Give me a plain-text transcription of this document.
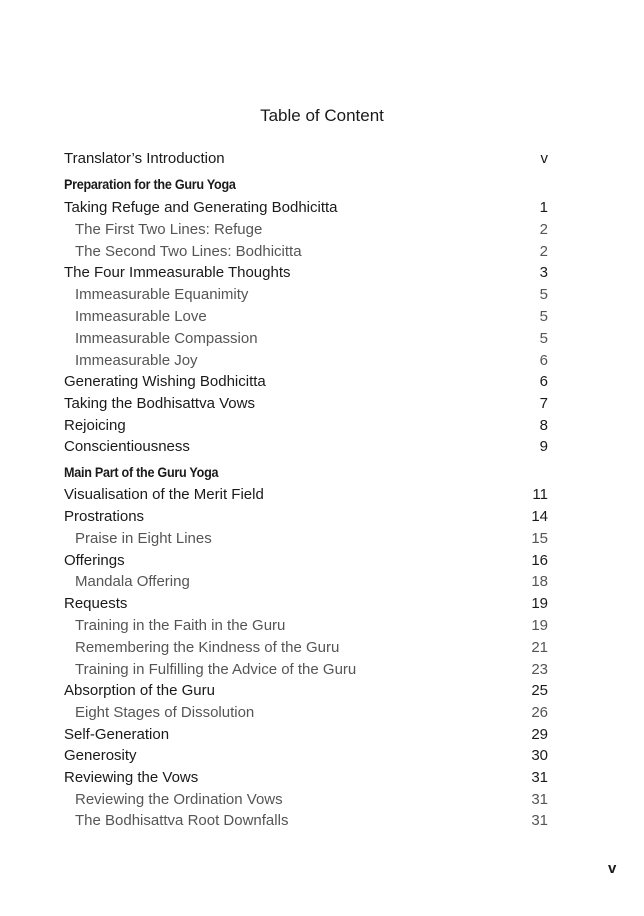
Table of Content
Translator’s Introduction	v
Preparation for the Guru Yoga
Taking Refuge and Generating Bodhicitta	1
The First Two Lines: Refuge	2
The Second Two Lines: Bodhicitta	2
The Four Immeasurable Thoughts	3
Immeasurable Equanimity	5
Immeasurable Love	5
Immeasurable Compassion	5
Immeasurable Joy	6
Generating Wishing Bodhicitta	6
Taking the Bodhisattva Vows	7
Rejoicing	8
Conscientiousness	9
Main Part of the Guru Yoga
Visualisation of the Merit Field	11
Prostrations	14
Praise in Eight Lines	15
Offerings	16
Mandala Offering	18
Requests	19
Training in the Faith in the Guru	19
Remembering the Kindness of the Guru	21
Training in Fulfilling the Advice of the Guru	23
Absorption of the Guru	25
Eight Stages of Dissolution	26
Self-Generation	29
Generosity	30
Reviewing the Vows	31
Reviewing the Ordination Vows	31
The Bodhisattva Root Downfalls	31
v
